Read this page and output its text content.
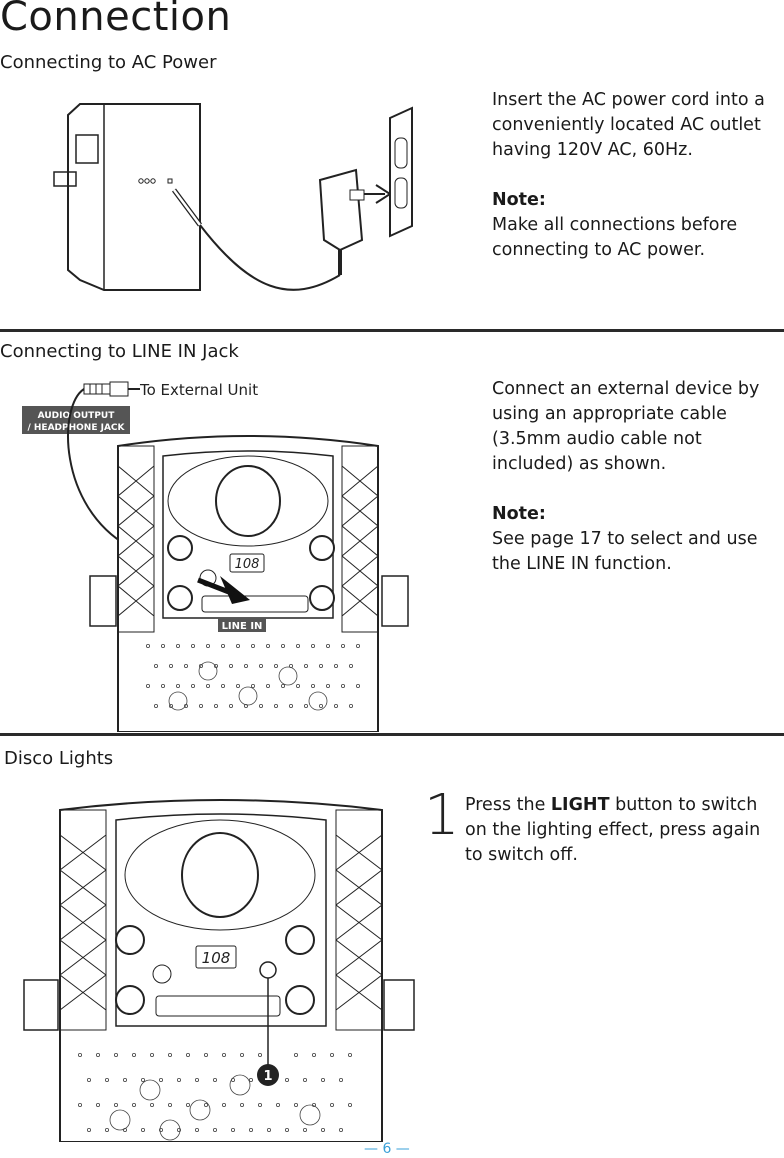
Connection
Connecting to AC Power

Insert the AC power cord into a conveniently located AC outlet having 120V AC, 60Hz.

Note:

Make all connections before connecting to AC power.

Connecting to LINE IN Jack
To External Unit
AUDIO OUTPUT
/ HEADPHONE JACK
108
LINE IN

Connect an external device by using an appropriate cable (3.5mm audio cable not included) as shown.

Note:

See page 17 to select and use the LINE IN function.

Disco Lights
108
1
1 Press the LIGHT button to switch on the lighting effect, press again to switch off.

— 6 —
